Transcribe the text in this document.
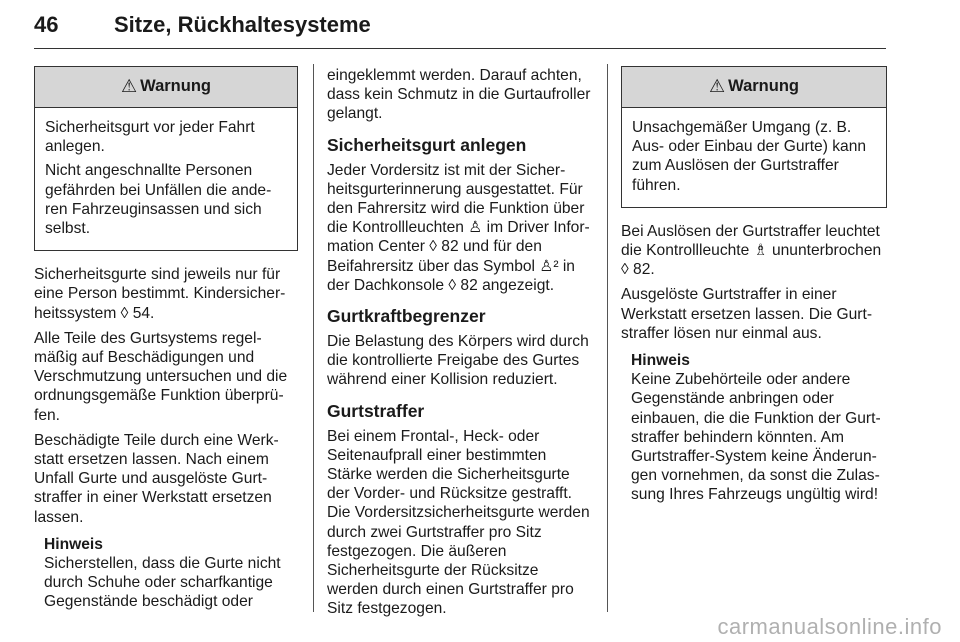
46	Sitze, Rückhaltesysteme
⚠ Warnung

Sicherheitsgurt vor jeder Fahrt anlegen.

Nicht angeschnallte Personen gefährden bei Unfällen die anderen Fahrzeuginsassen und sich selbst.

Sicherheitsgurte sind jeweils nur für eine Person bestimmt. Kindersicherheitssystem ◊ 54.

Alle Teile des Gurtsystems regelmäßig auf Beschädigungen und Verschmutzung untersuchen und die ordnungsgemäße Funktion überprüfen.

Beschädigte Teile durch eine Werkstatt ersetzen lassen. Nach einem Unfall Gurte und ausgelöste Gurtstraffer in einer Werkstatt ersetzen lassen.

Hinweis
Sicherstellen, dass die Gurte nicht durch Schuhe oder scharfkantige Gegenstände beschädigt oder

eingeklemmt werden. Darauf achten, dass kein Schmutz in die Gurtaufroller gelangt.

Sicherheitsgurt anlegen

Jeder Vordersitz ist mit der Sicherheitsgurterinnerung ausgestattet. Für den Fahrersitz wird die Funktion über die Kontrollleuchten ♙ im Driver Information Center ◊ 82 und für den Beifahrersitz über das Symbol ♙² in der Dachkonsole ◊ 82 angezeigt.

Gurtkraftbegrenzer

Die Belastung des Körpers wird durch die kontrollierte Freigabe des Gurtes während einer Kollision reduziert.

Gurtstraffer

Bei einem Frontal-, Heck- oder Seitenaufprall einer bestimmten Stärke werden die Sicherheitsgurte der Vorder- und Rücksitze gestrafft. Die Vordersitzsicherheitsgurte werden durch zwei Gurtstraffer pro Sitz festgezogen. Die äußeren Sicherheitsgurte der Rücksitze werden durch einen Gurtstraffer pro Sitz festgezogen.

⚠ Warnung

Unsachgemäßer Umgang (z. B. Aus- oder Einbau der Gurte) kann zum Auslösen der Gurtstraffer führen.

Bei Auslösen der Gurtstraffer leuchtet die Kontrollleuchte ♗ ununterbrochen ◊ 82.

Ausgelöste Gurtstraffer in einer Werkstatt ersetzen lassen. Die Gurtstraffer lösen nur einmal aus.

Hinweis
Keine Zubehörteile oder andere Gegenstände anbringen oder einbauen, die die Funktion der Gurtstraffer behindern könnten. Am Gurtstraffer-System keine Änderungen vornehmen, da sonst die Zulassung Ihres Fahrzeugs ungültig wird!
carmanualsonline.info
